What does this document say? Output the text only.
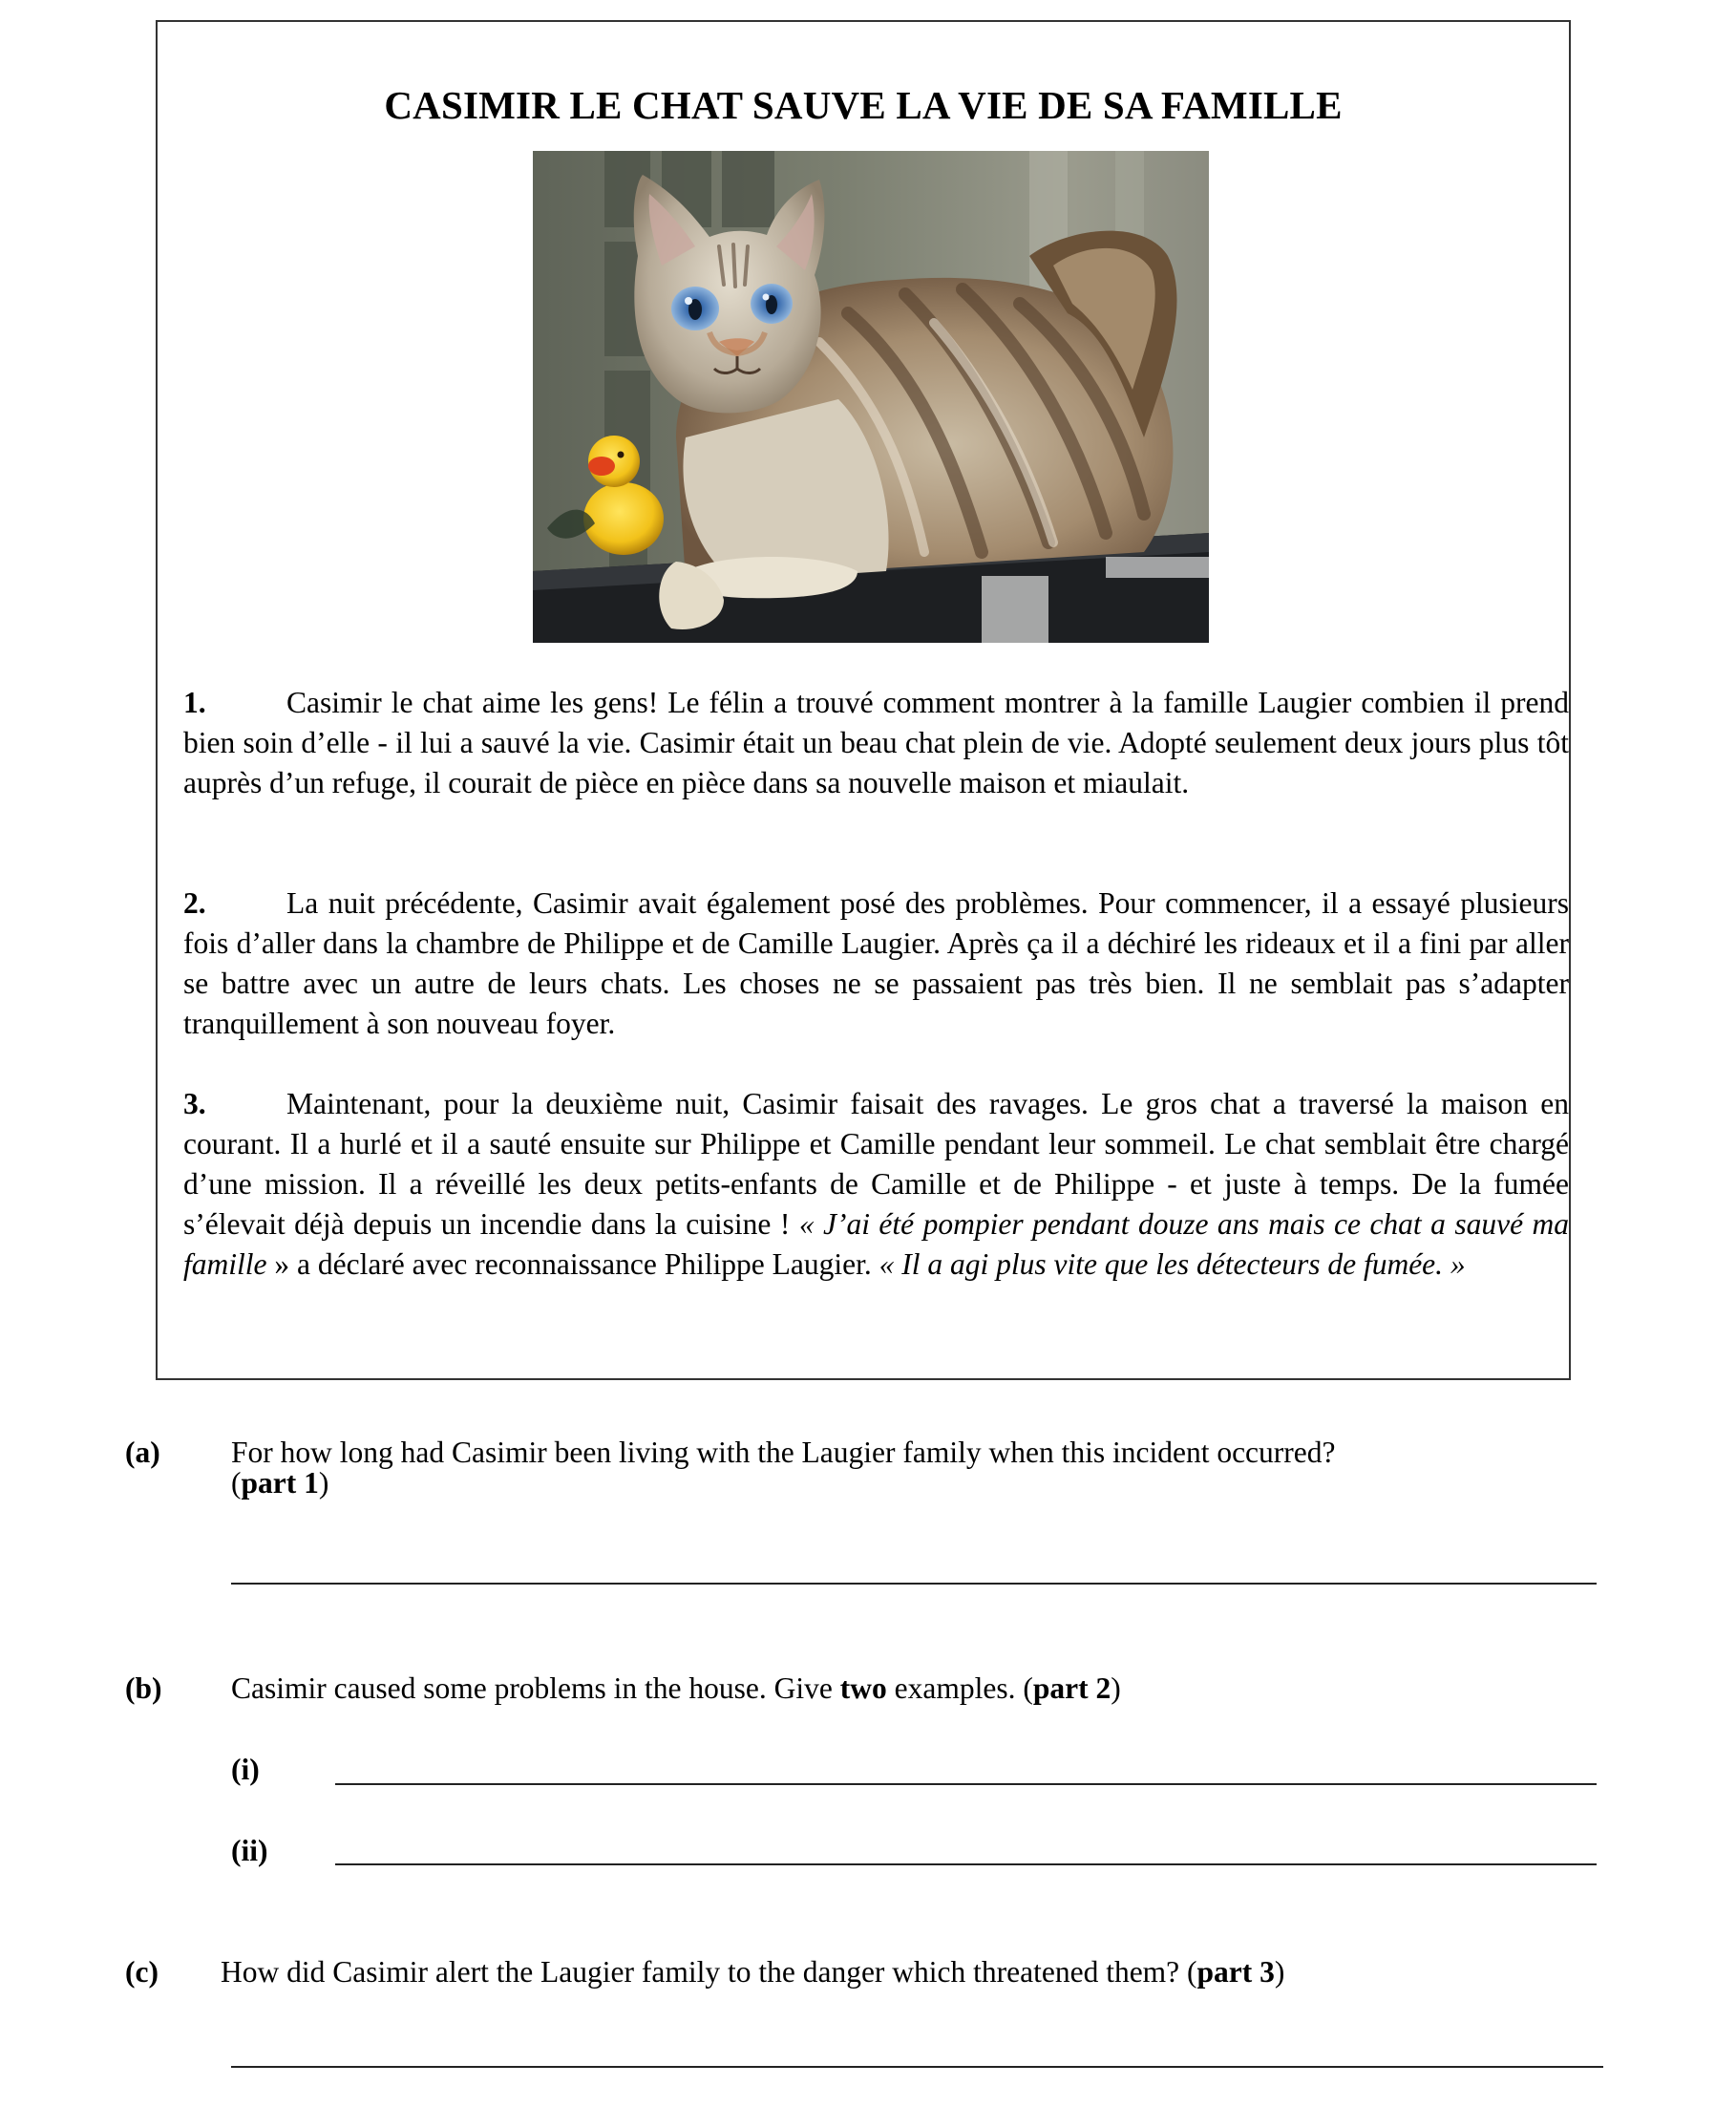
CASIMIR LE CHAT SAUVE LA VIE DE SA FAMILLE

1.	Casimir le chat aime les gens! Le félin a trouvé comment montrer à la famille Laugier combien il prend bien soin d’elle - il lui a sauvé la vie. Casimir était un beau chat plein de vie. Adopté seulement deux jours plus tôt auprès d’un refuge, il courait de pièce en pièce dans sa nouvelle maison et miaulait.

2.	La nuit précédente, Casimir avait également posé des problèmes. Pour commencer, il a essayé plusieurs fois d’aller dans la chambre de Philippe et de Camille Laugier. Après ça il a déchiré les rideaux et il a fini par aller se battre avec un autre de leurs chats. Les choses ne se passaient pas très bien. Il ne semblait pas s’adapter tranquillement à son nouveau foyer.

3.	Maintenant, pour la deuxième nuit, Casimir faisait des ravages. Le gros chat a traversé la maison en courant. Il a hurlé et il a sauté ensuite sur Philippe et Camille pendant leur sommeil. Le chat semblait être chargé d’une mission. Il a réveillé les deux petits-enfants de Camille et de Philippe - et juste à temps. De la fumée s’élevait déjà depuis un incendie dans la cuisine ! « J’ai été pompier pendant douze ans mais ce chat a sauvé ma famille » a déclaré avec reconnaissance Philippe Laugier. « Il a agi plus vite que les détecteurs de fumée. »

(a) For how long had Casimir been living with the Laugier family when this incident occurred?
(part 1)
(b) Casimir caused some problems in the house. Give two examples. (part 2)
(i)
(ii)
(c) How did Casimir alert the Laugier family to the danger which threatened them? (part 3)
